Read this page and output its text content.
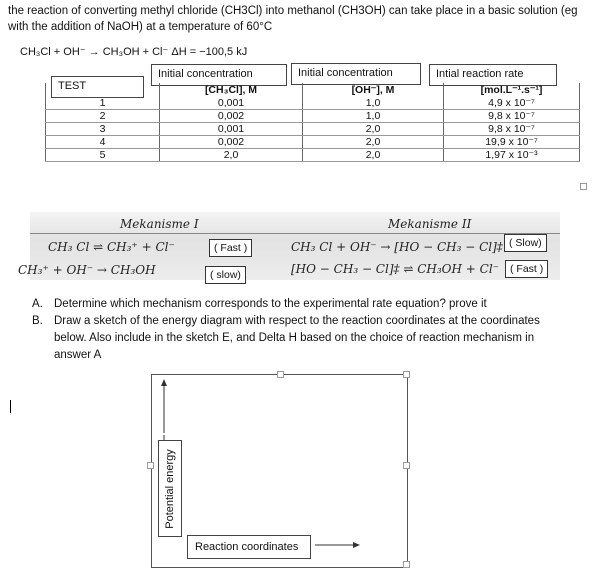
the reaction of converting methyl chloride (CH3Cl) into methanol (CH3OH) can take place in a basic solution (eg with the addition of NaOH) at a temperature of 60°C
CH₃Cl + OH⁻ → CH₃OH + Cl⁻ ΔH = −100,5 kJ
TEST
Initial concentration	Initial concentration	Intial reaction rate
	[CH₃Cl], M	[OH⁻], M	[mol.L⁻¹.s⁻¹]
1	0,001	1,0	4,9 x 10⁻⁷
2	0,002	1,0	9,8 x 10⁻⁷
3	0,001	2,0	9,8 x 10⁻⁷
4	0,002	2,0	19,9 x 10⁻⁷
5	2,0	2,0	1,97 x 10⁻³
Mekanisme I	Mekanisme II
CH₃ Cl ⇌ CH₃⁺ + Cl⁻	( Fast )
CH₃⁺ + OH⁻ → CH₃OH	( slow)
CH₃ Cl + OH⁻ → [HO − CH₃ − Cl]‡ ( Slow)
[HO − CH₃ − Cl]‡ ⇌ CH₃OH + Cl⁻	( Fast )
A. Determine which mechanism corresponds to the experimental rate equation? prove it
B. Draw a sketch of the energy diagram with respect to the reaction coordinates at the coordinates below. Also include in the sketch E, and Delta H based on the choice of reaction mechanism in answer A
Potential energy
Reaction coordinates
